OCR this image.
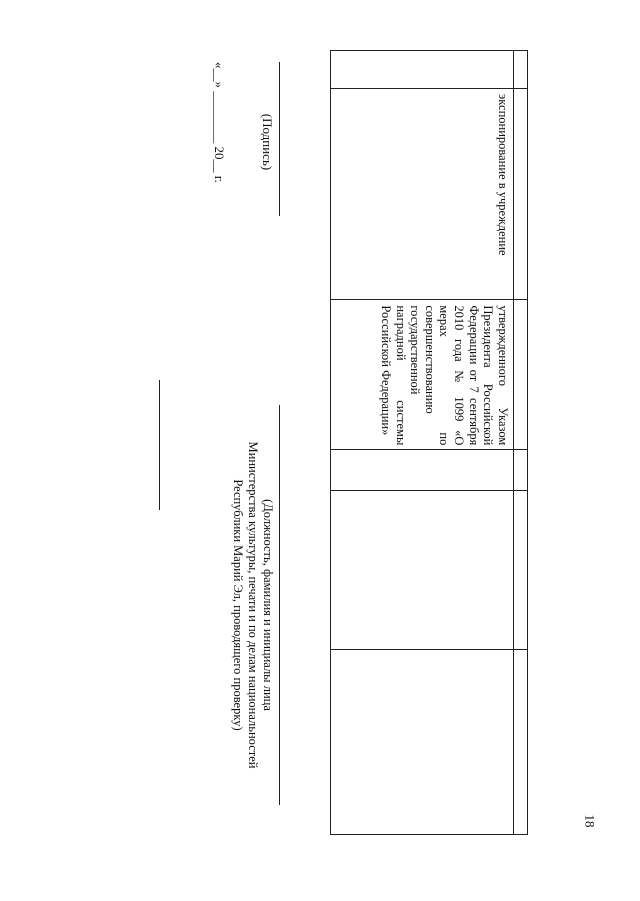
18
экспонирование в учреждение
утвержденного Указом Президента Российской Федерации от 7 сентября 2010 года № 1099 «О мерах по совершенствованию государственной наградной системы Российской Федерации»
(Подпись)
«__» ________ 20__ г.
(Должность, фамилия и инициалы лица
Министерства культуры, печати и по делам национальностей
Республики Марий Эл, проводящего проверку)
